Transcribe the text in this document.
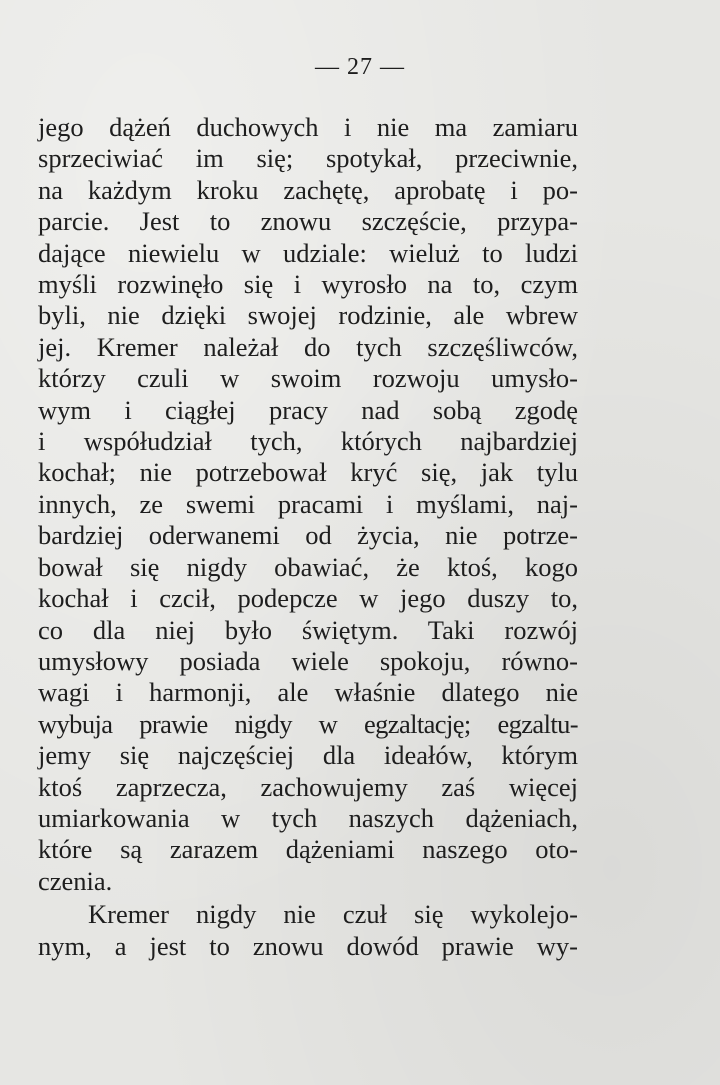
— 27 —
jego dążeń duchowych i nie ma zamiaru
sprzeciwiać im się; spotykał, przeciwnie,
na każdym kroku zachętę, aprobatę i po-
parcie. Jest to znowu szczęście, przypa-
dające niewielu w udziale: wieluż to ludzi
myśli rozwinęło się i wyrosło na to, czym
byli, nie dzięki swojej rodzinie, ale wbrew
jej. Kremer należał do tych szczęśliwców,
którzy czuli w swoim rozwoju umysło-
wym i ciągłej pracy nad sobą zgodę
i współudział tych, których najbardziej
kochał; nie potrzebował kryć się, jak tylu
innych, ze swemi pracami i myślami, naj-
bardziej oderwanemi od życia, nie potrze-
bował się nigdy obawiać, że ktoś, kogo
kochał i czcił, podepcze w jego duszy to,
co dla niej było świętym. Taki rozwój
umysłowy posiada wiele spokoju, równo-
wagi i harmonji, ale właśnie dlatego nie
wybuja prawie nigdy w egzaltację; egzaltu-
jemy się najczęściej dla ideałów, którym
ktoś zaprzecza, zachowujemy zaś więcej
umiarkowania w tych naszych dążeniach,
które są zarazem dążeniami naszego oto-
czenia.
Kremer nigdy nie czuł się wykolejo-
nym, a jest to znowu dowód prawie wy-
